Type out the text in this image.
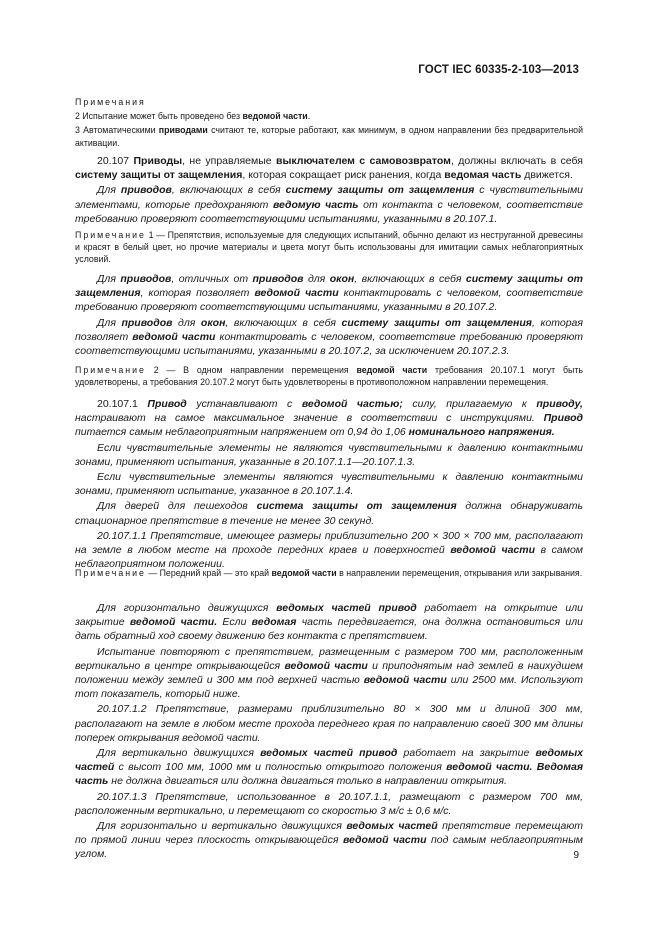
ГОСТ IEC 60335-2-103—2013
Примечания
2 Испытание может быть проведено без ведомой части.
3 Автоматическими приводами считают те, которые работают, как минимум, в одном направлении без предварительной активации.

20.107 Приводы, не управляемые выключателем с самовозвратом, должны включать в себя систему защиты от защемления, которая сокращает риск ранения, когда ведомая часть движется.

Для приводов, включающих в себя систему защиты от защемления с чувствительными элементами, которые предохраняют ведомую часть от контакта с человеком, соответствие требованию проверяют соответствующими испытаниями, указанными в 20.107.1.

Примечание 1 — Препятствия, используемые для следующих испытаний, обычно делают из неструганной древесины и красят в белый цвет, но прочие материалы и цвета могут быть использованы для имитации самых неблагоприятных условий.

Для приводов, отличных от приводов для окон, включающих в себя систему защиты от защемления, которая позволяет ведомой части контактировать с человеком, соответствие требованию проверяют соответствующими испытаниями, указанными в 20.107.2.

Для приводов для окон, включающих в себя систему защиты от защемления, которая позволяет ведомой части контактировать с человеком, соответствие требованию проверяют соответствующими испытаниями, указанными в 20.107.2, за исключением 20.107.2.3.

Примечание 2 — В одном направлении перемещения ведомой части требования 20.107.1 могут быть удовлетворены, а требования 20.107.2 могут быть удовлетворены в противоположном направлении перемещения.

20.107.1 Привод устанавливают с ведомой частью; силу, прилагаемую к приводу, настраивают на самое максимальное значение в соответствии с инструкциями. Привод питается самым неблагоприятным напряжением от 0,94 до 1,06 номинального напряжения.

Если чувствительные элементы не являются чувствительными к давлению контактными зонами, применяют испытания, указанные в 20.107.1.1—20.107.1.3.

Если чувствительные элементы являются чувствительными к давлению контактными зонами, применяют испытание, указанное в 20.107.1.4.

Для дверей для пешеходов система защиты от защемления должна обнаруживать стационарное препятствие в течение не менее 30 секунд.

20.107.1.1 Препятствие, имеющее размеры приблизительно 200 × 300 × 700 мм, располагают на земле в любом месте на проходе передних краев и поверхностей ведомой части в самом неблагоприятном положении.

Примечание — Передний край — это край ведомой части в направлении перемещения, открывания или закрывания.

Для горизонтально движущихся ведомых частей привод работает на открытие или закрытие ведомой части. Если ведомая часть передвигается, она должна остановиться или дать обратный ход своему движению без контакта с препятствием.

Испытание повторяют с препятствием, размещенным с размером 700 мм, расположенным вертикально в центре открывающейся ведомой части и приподнятым над землей в наихудшем положении между землей и 300 мм под верхней частью ведомой части или 2500 мм. Используют тот показатель, который ниже.

20.107.1.2 Препятствие, размерами приблизительно 80 × 300 мм и длиной 300 мм, располагают на земле в любом месте прохода переднего края по направлению своей 300 мм длины поперек открывания ведомой части.

Для вертикально движущихся ведомых частей привод работает на закрытие ведомых частей с высот 100 мм, 1000 мм и полностью открытого положения ведомой части. Ведомая часть не должна двигаться или должна двигаться только в направлении открытия.

20.107.1.3 Препятствие, использованное в 20.107.1.1, размещают с размером 700 мм, расположенным вертикально, и перемещают со скоростью 3 м/с ± 0,6 м/с.

Для горизонтально и вертикально движущихся ведомых частей препятствие перемещают по прямой линии через плоскость открывающейся ведомой части под самым неблагоприятным углом.	9
